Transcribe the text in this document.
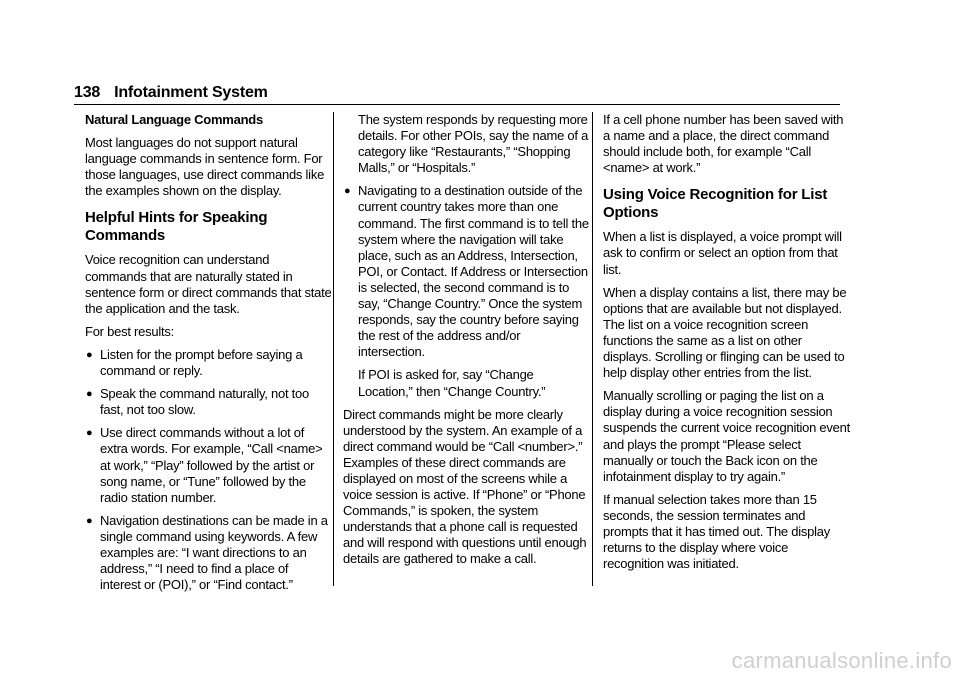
138 Infotainment System
Natural Language Commands

Most languages do not support natural language commands in sentence form. For those languages, use direct commands like the examples shown on the display.

Helpful Hints for Speaking Commands

Voice recognition can understand commands that are naturally stated in sentence form or direct commands that state the application and the task.

For best results:

● Listen for the prompt before saying a command or reply.
● Speak the command naturally, not too fast, not too slow.
● Use direct commands without a lot of extra words. For example, “Call <name> at work,” “Play” followed by the artist or song name, or “Tune” followed by the radio station number.
● Navigation destinations can be made in a single command using keywords. A few examples are: “I want directions to an address,” “I need to find a place of interest or (POI),” or “Find contact.”

The system responds by requesting more details. For other POIs, say the name of a category like “Restaurants,” “Shopping Malls,” or “Hospitals.”

● Navigating to a destination outside of the current country takes more than one command. The first command is to tell the system where the navigation will take place, such as an Address, Intersection, POI, or Contact. If Address or Intersection is selected, the second command is to say, “Change Country.” Once the system responds, say the country before saying the rest of the address and/or intersection.

If POI is asked for, say “Change Location,” then “Change Country.”

Direct commands might be more clearly understood by the system. An example of a direct command would be “Call <number>.” Examples of these direct commands are displayed on most of the screens while a voice session is active. If “Phone” or “Phone Commands,” is spoken, the system understands that a phone call is requested and will respond with questions until enough details are gathered to make a call.

If a cell phone number has been saved with a name and a place, the direct command should include both, for example “Call <name> at work.”

Using Voice Recognition for List Options

When a list is displayed, a voice prompt will ask to confirm or select an option from that list.

When a display contains a list, there may be options that are available but not displayed. The list on a voice recognition screen functions the same as a list on other displays. Scrolling or flinging can be used to help display other entries from the list.

Manually scrolling or paging the list on a display during a voice recognition session suspends the current voice recognition event and plays the prompt “Please select manually or touch the Back icon on the infotainment display to try again.”

If manual selection takes more than 15 seconds, the session terminates and prompts that it has timed out. The display returns to the display where voice recognition was initiated.

carmanualsonline.info
